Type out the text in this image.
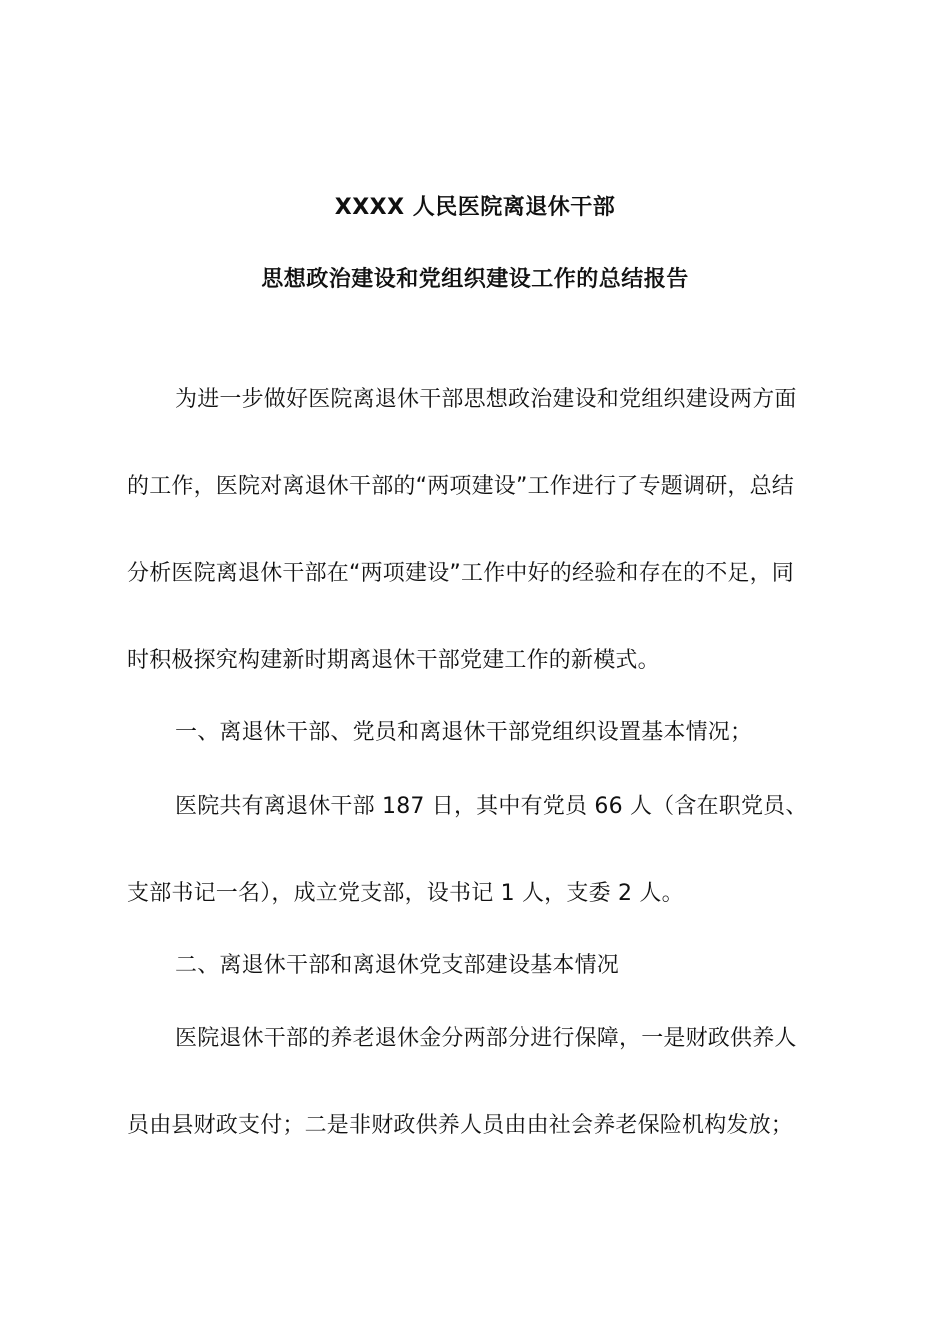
XXXX 人民医院离退休干部
思想政治建设和党组织建设工作的总结报告
为进一步做好医院离退休干部思想政治建设和党组织建设两方面
的工作，医院对离退休干部的“两项建设”工作进行了专题调研，总结
分析医院离退休干部在“两项建设”工作中好的经验和存在的不足，同
时积极探究构建新时期离退休干部党建工作的新模式。
一、离退休干部、党员和离退休干部党组织设置基本情况；
医院共有离退休干部 187 日，其中有党员 66 人（含在职党员、
支部书记一名），成立党支部，设书记 1 人，支委 2 人。
二、离退休干部和离退休党支部建设基本情况
医院退休干部的养老退休金分两部分进行保障，一是财政供养人
员由县财政支付；二是非财政供养人员由由社会养老保险机构发放；
